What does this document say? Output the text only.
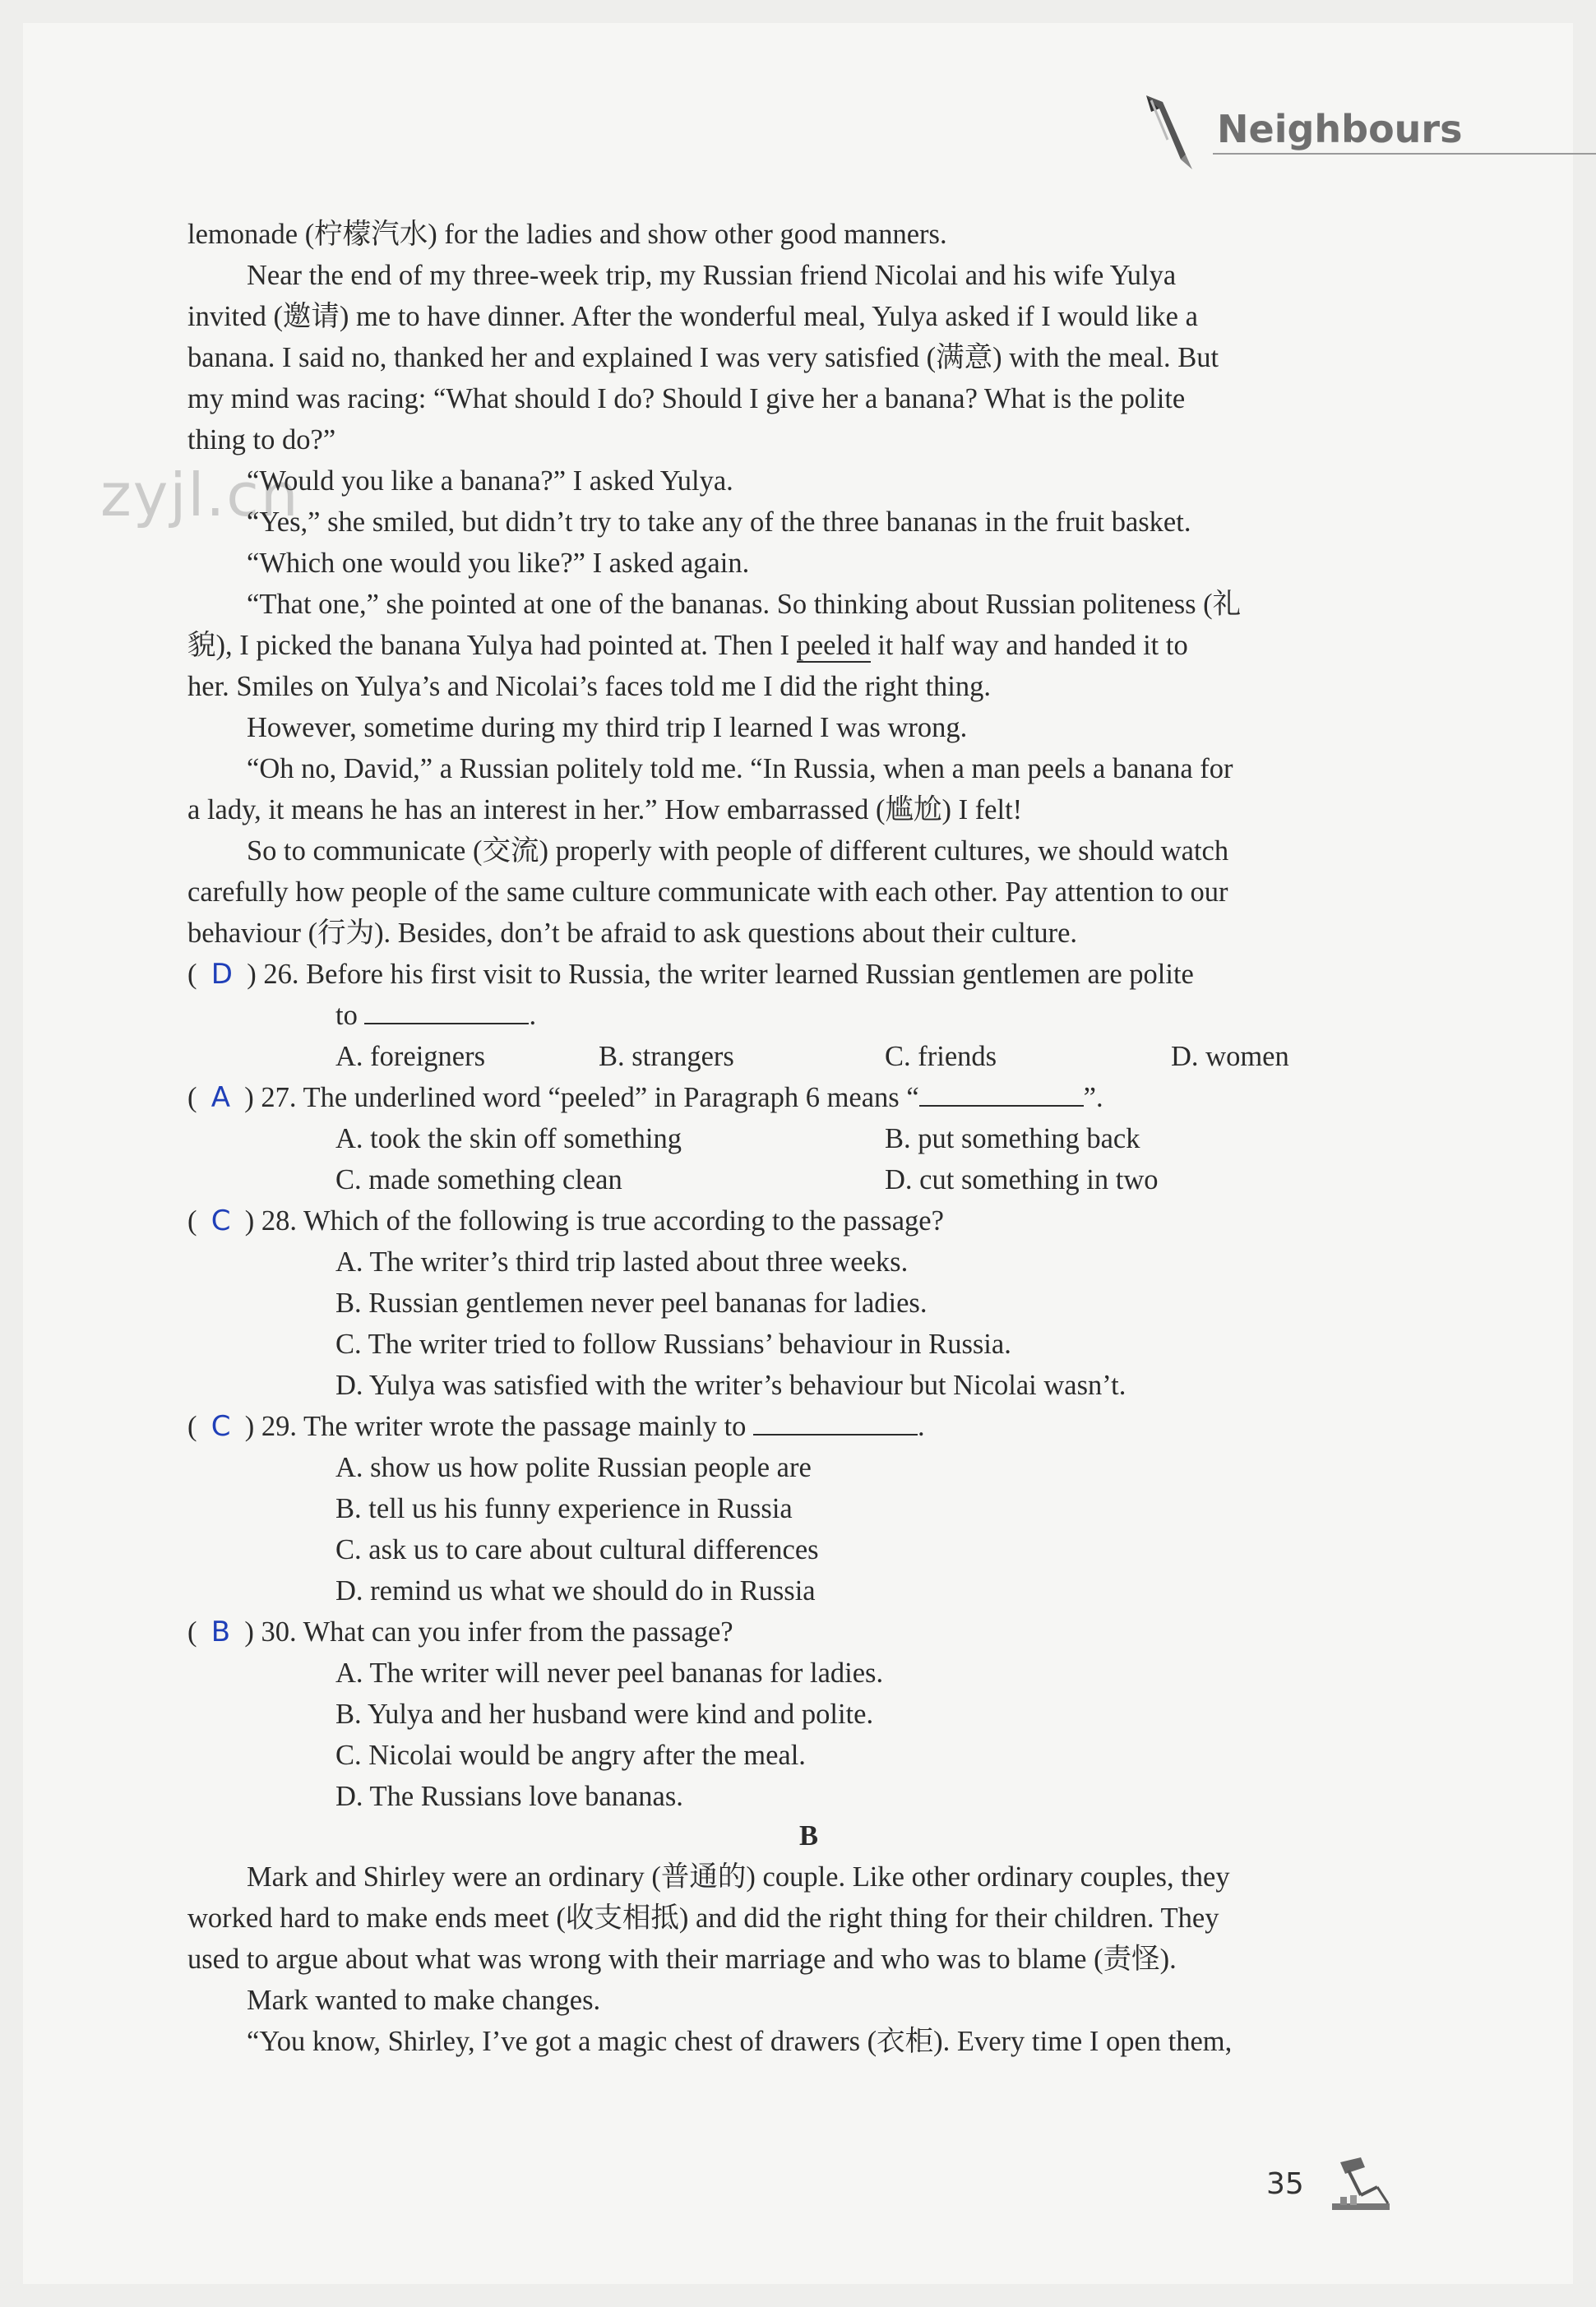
Neighbours
zyjl.cn
lemonade (柠檬汽水) for the ladies and show other good manners.
Near the end of my three-week trip, my Russian friend Nicolai and his wife Yulya
invited (邀请) me to have dinner. After the wonderful meal, Yulya asked if I would like a
banana. I said no, thanked her and explained I was very satisfied (满意) with the meal. But
my mind was racing: “What should I do? Should I give her a banana? What is the polite
thing to do?”
“Would you like a banana?” I asked Yulya.
“Yes,” she smiled, but didn’t try to take any of the three bananas in the fruit basket.
“Which one would you like?” I asked again.
“That one,” she pointed at one of the bananas. So thinking about Russian politeness (礼
貌), I picked the banana Yulya had pointed at. Then I peeled it half way and handed it to
her. Smiles on Yulya’s and Nicolai’s faces told me I did the right thing.
However, sometime during my third trip I learned I was wrong.
“Oh no, David,” a Russian politely told me. “In Russia, when a man peels a banana for
a lady, it means he has an interest in her.” How embarrassed (尴尬) I felt!
So to communicate (交流) properly with people of different cultures, we should watch
carefully how people of the same culture communicate with each other. Pay attention to our
behaviour (行为). Besides, don’t be afraid to ask questions about their culture.
( D ) 26. Before his first visit to Russia, the writer learned Russian gentlemen are polite
to	.
A. foreigners	B. strangers	C. friends	D. women
( A ) 27. The underlined word “peeled” in Paragraph 6 means “	”.
A. took the skin off something	B. put something back
C. made something clean	D. cut something in two
( C ) 28. Which of the following is true according to the passage?
A. The writer’s third trip lasted about three weeks.
B. Russian gentlemen never peel bananas for ladies.
C. The writer tried to follow Russians’ behaviour in Russia.
D. Yulya was satisfied with the writer’s behaviour but Nicolai wasn’t.
( C ) 29. The writer wrote the passage mainly to	.
A. show us how polite Russian people are
B. tell us his funny experience in Russia
C. ask us to care about cultural differences
D. remind us what we should do in Russia
( B ) 30. What can you infer from the passage?
A. The writer will never peel bananas for ladies.
B. Yulya and her husband were kind and polite.
C. Nicolai would be angry after the meal.
D. The Russians love bananas.
B
Mark and Shirley were an ordinary (普通的) couple. Like other ordinary couples, they
worked hard to make ends meet (收支相抵) and did the right thing for their children. They
used to argue about what was wrong with their marriage and who was to blame (责怪).
Mark wanted to make changes.
“You know, Shirley, I’ve got a magic chest of drawers (衣柜). Every time I open them,
35
